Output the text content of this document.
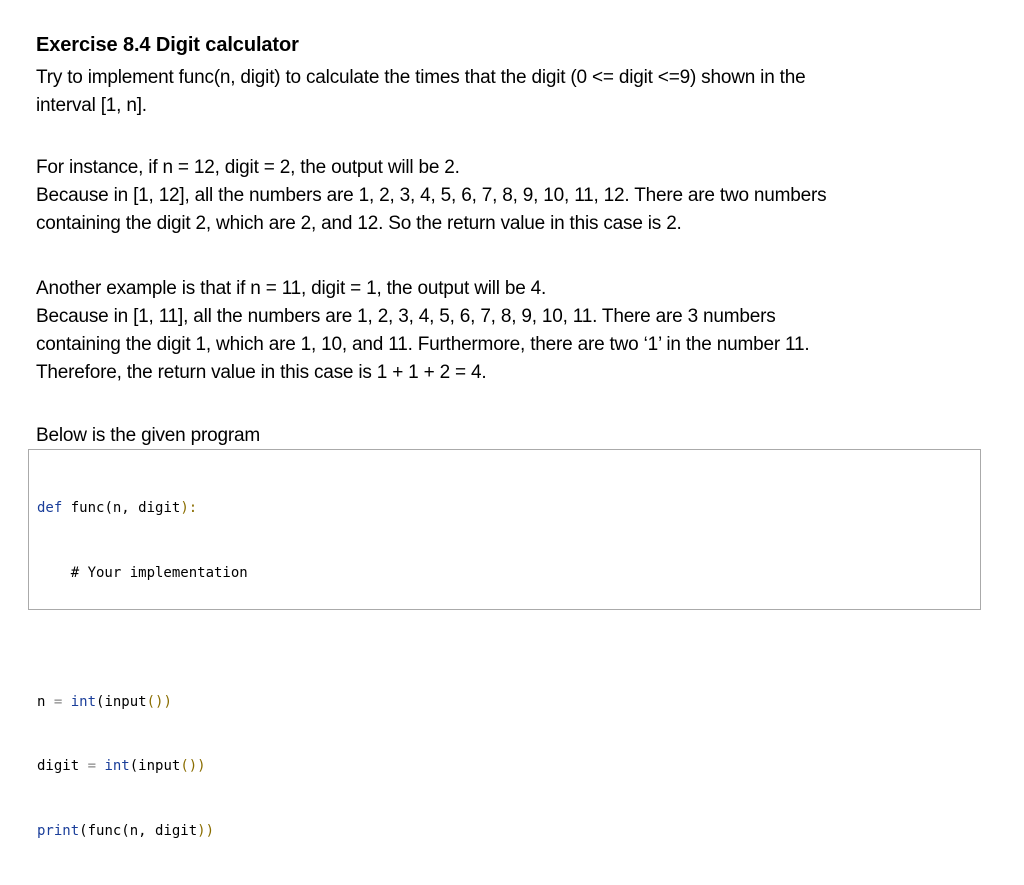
Exercise 8.4 Digit calculator

Try to implement func(n, digit) to calculate the times that the digit (0 <= digit <=9) shown in the
interval [1, n].

For instance, if n = 12, digit = 2, the output will be 2.
Because in [1, 12], all the numbers are 1, 2, 3, 4, 5, 6, 7, 8, 9, 10, 11, 12. There are two numbers
containing the digit 2, which are 2, and 12. So the return value in this case is 2.

Another example is that if n = 11, digit = 1, the output will be 4.
Because in [1, 11], all the numbers are 1, 2, 3, 4, 5, 6, 7, 8, 9, 10, 11. There are 3 numbers
containing the digit 1, which are 1, 10, and 11. Furthermore, there are two ‘1’ in the number 11.
Therefore, the return value in this case is 1 + 1 + 2 = 4.

Below is the given program

def func(n, digit):

# Your implementation

n = int(input())

digit = int(input())

print(func(n, digit))
